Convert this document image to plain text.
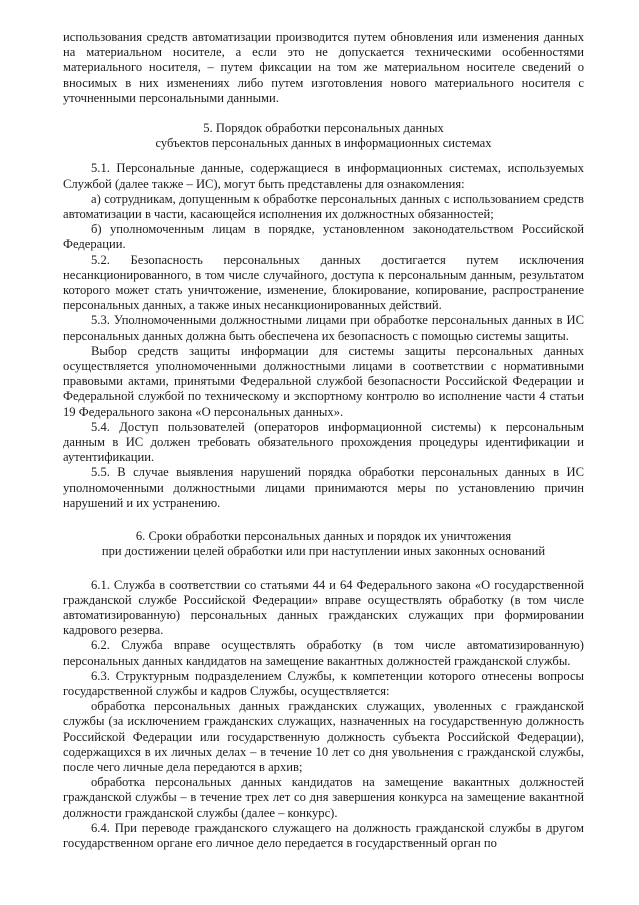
использования средств автоматизации производится путем обновления или изменения данных на материальном носителе, а если это не допускается техническими особенностями материального носителя, – путем фиксации на том же материальном носителе сведений о вносимых в них изменениях либо путем изготовления нового материального носителя с уточненными персональными данными.

5. Порядок обработки персональных данных

субъектов персональных данных в информационных системах

5.1. Персональные данные, содержащиеся в информационных системах, используемых Службой (далее также – ИС), могут быть представлены для ознакомления:

а) сотрудникам, допущенным к обработке персональных данных с использованием средств автоматизации в части, касающейся исполнения их должностных обязанностей;

б) уполномоченным лицам в порядке, установленном законодательством Российской Федерации.

5.2. Безопасность персональных данных достигается путем исключения несанкционированного, в том числе случайного, доступа к персональным данным, результатом которого может стать уничтожение, изменение, блокирование, копирование, распространение персональных данных, а также иных несанкционированных действий.

5.3. Уполномоченными должностными лицами при обработке персональных данных в ИС персональных данных должна быть обеспечена их безопасность с помощью системы защиты.

Выбор средств защиты информации для системы защиты персональных данных осуществляется уполномоченными должностными лицами в соответствии с нормативными правовыми актами, принятыми Федеральной службой безопасности Российской Федерации и Федеральной службой по техническому и экспортному контролю во исполнение части 4 статьи 19 Федерального закона «О персональных данных».

5.4. Доступ пользователей (операторов информационной системы) к персональным данным в ИС должен требовать обязательного прохождения процедуры идентификации и аутентификации.

5.5. В случае выявления нарушений порядка обработки персональных данных в ИС уполномоченными должностными лицами принимаются меры по установлению причин нарушений и их устранению.

6. Сроки обработки персональных данных и порядок их уничтожения

при достижении целей обработки или при наступлении иных законных оснований

6.1. Служба в соответствии со статьями 44 и 64 Федерального закона «О государственной гражданской службе Российской Федерации» вправе осуществлять обработку (в том числе автоматизированную) персональных данных гражданских служащих при формировании кадрового резерва.

6.2. Служба вправе осуществлять обработку (в том числе автоматизированную) персональных данных кандидатов на замещение вакантных должностей гражданской службы.

6.3. Структурным подразделением Службы, к компетенции которого отнесены вопросы государственной службы и кадров Службы, осуществляется:

обработка персональных данных гражданских служащих, уволенных с гражданской службы (за исключением гражданских служащих, назначенных на государственную должность Российской Федерации или государственную должность субъекта Российской Федерации), содержащихся в их личных делах – в течение 10 лет со дня увольнения с гражданской службы, после чего личные дела передаются в архив;

обработка персональных данных кандидатов на замещение вакантных должностей гражданской службы – в течение трех лет со дня завершения конкурса на замещение вакантной должности гражданской службы (далее – конкурс).

6.4. При переводе гражданского служащего на должность гражданской службы в другом государственном органе его личное дело передается в государственный орган по
